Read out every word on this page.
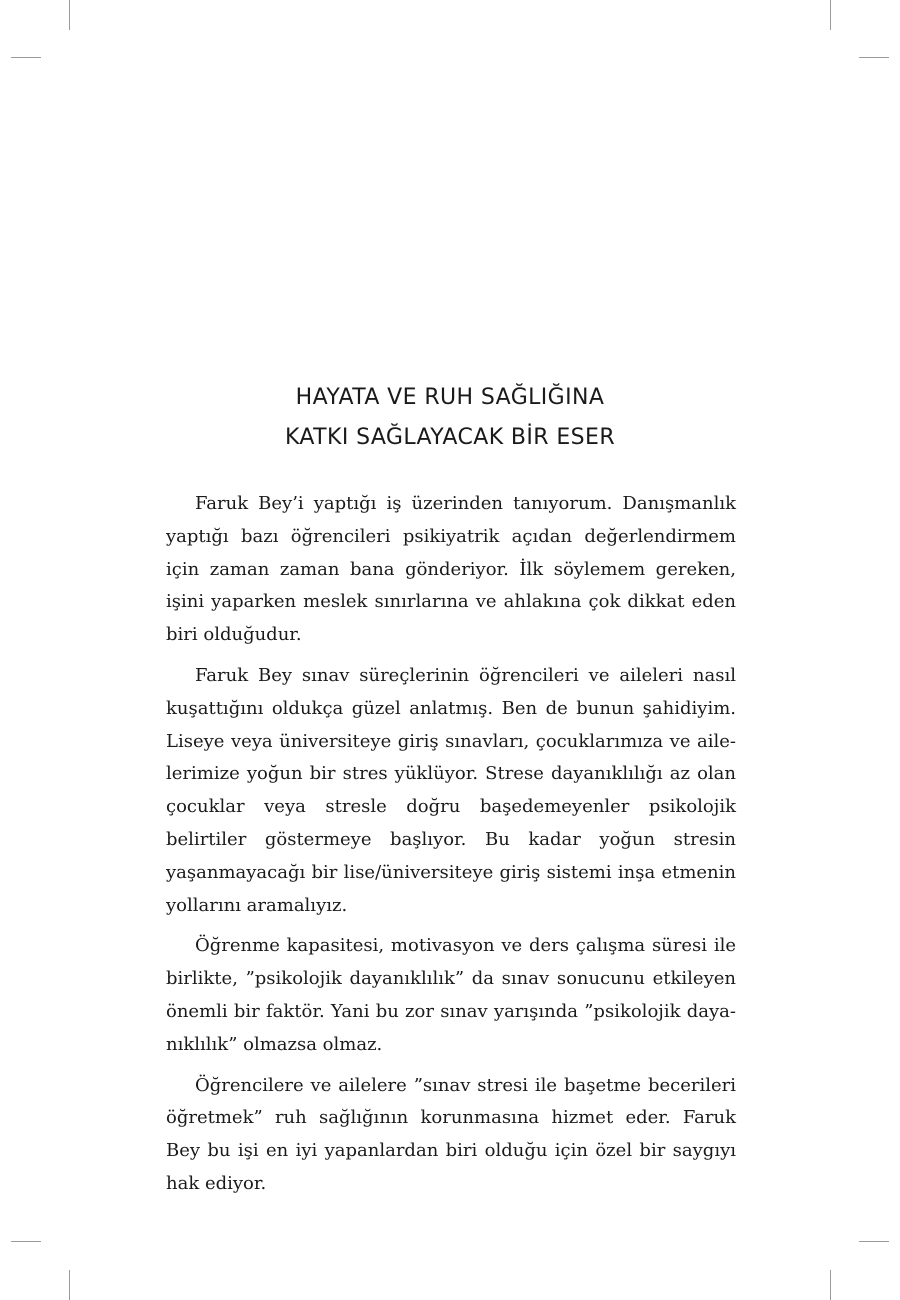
HAYATA VE RUH SAĞLIĞINA
KATKI SAĞLAYACAK BİR ESER

Faruk Bey’i yaptığı iş üzerinden tanıyorum. Danışmanlık yaptığı bazı öğrencileri psikiyatrik açıdan değerlendirmem için zaman zaman bana gönderiyor. İlk söylemem gereken, işini yaparken meslek sınırlarına ve ahlakına çok dikkat eden biri olduğudur.

Faruk Bey sınav süreçlerinin öğrencileri ve aileleri nasıl kuşattığını oldukça güzel anlatmış. Ben de bunun şahidiyim. Liseye veya üniversiteye giriş sınavları, çocuklarımıza ve ailelerimize yoğun bir stres yüklüyor. Strese dayanıklılığı az olan çocuklar veya stresle doğru başedemeyenler psikolojik belirtiler göstermeye başlıyor. Bu kadar yoğun stresin yaşanmayacağı bir lise/üniversiteye giriş sistemi inşa etmenin yollarını aramalıyız.

Öğrenme kapasitesi, motivasyon ve ders çalışma süresi ile birlikte, ”psikolojik dayanıklılık” da sınav sonucunu etkileyen önemli bir faktör. Yani bu zor sınav yarışında ”psikolojik dayanıklılık” olmazsa olmaz.

Öğrencilere ve ailelere ”sınav stresi ile başetme becerileri öğretmek” ruh sağlığının korunmasına hizmet eder. Faruk Bey bu işi en iyi yapanlardan biri olduğu için özel bir saygıyı hak ediyor.
